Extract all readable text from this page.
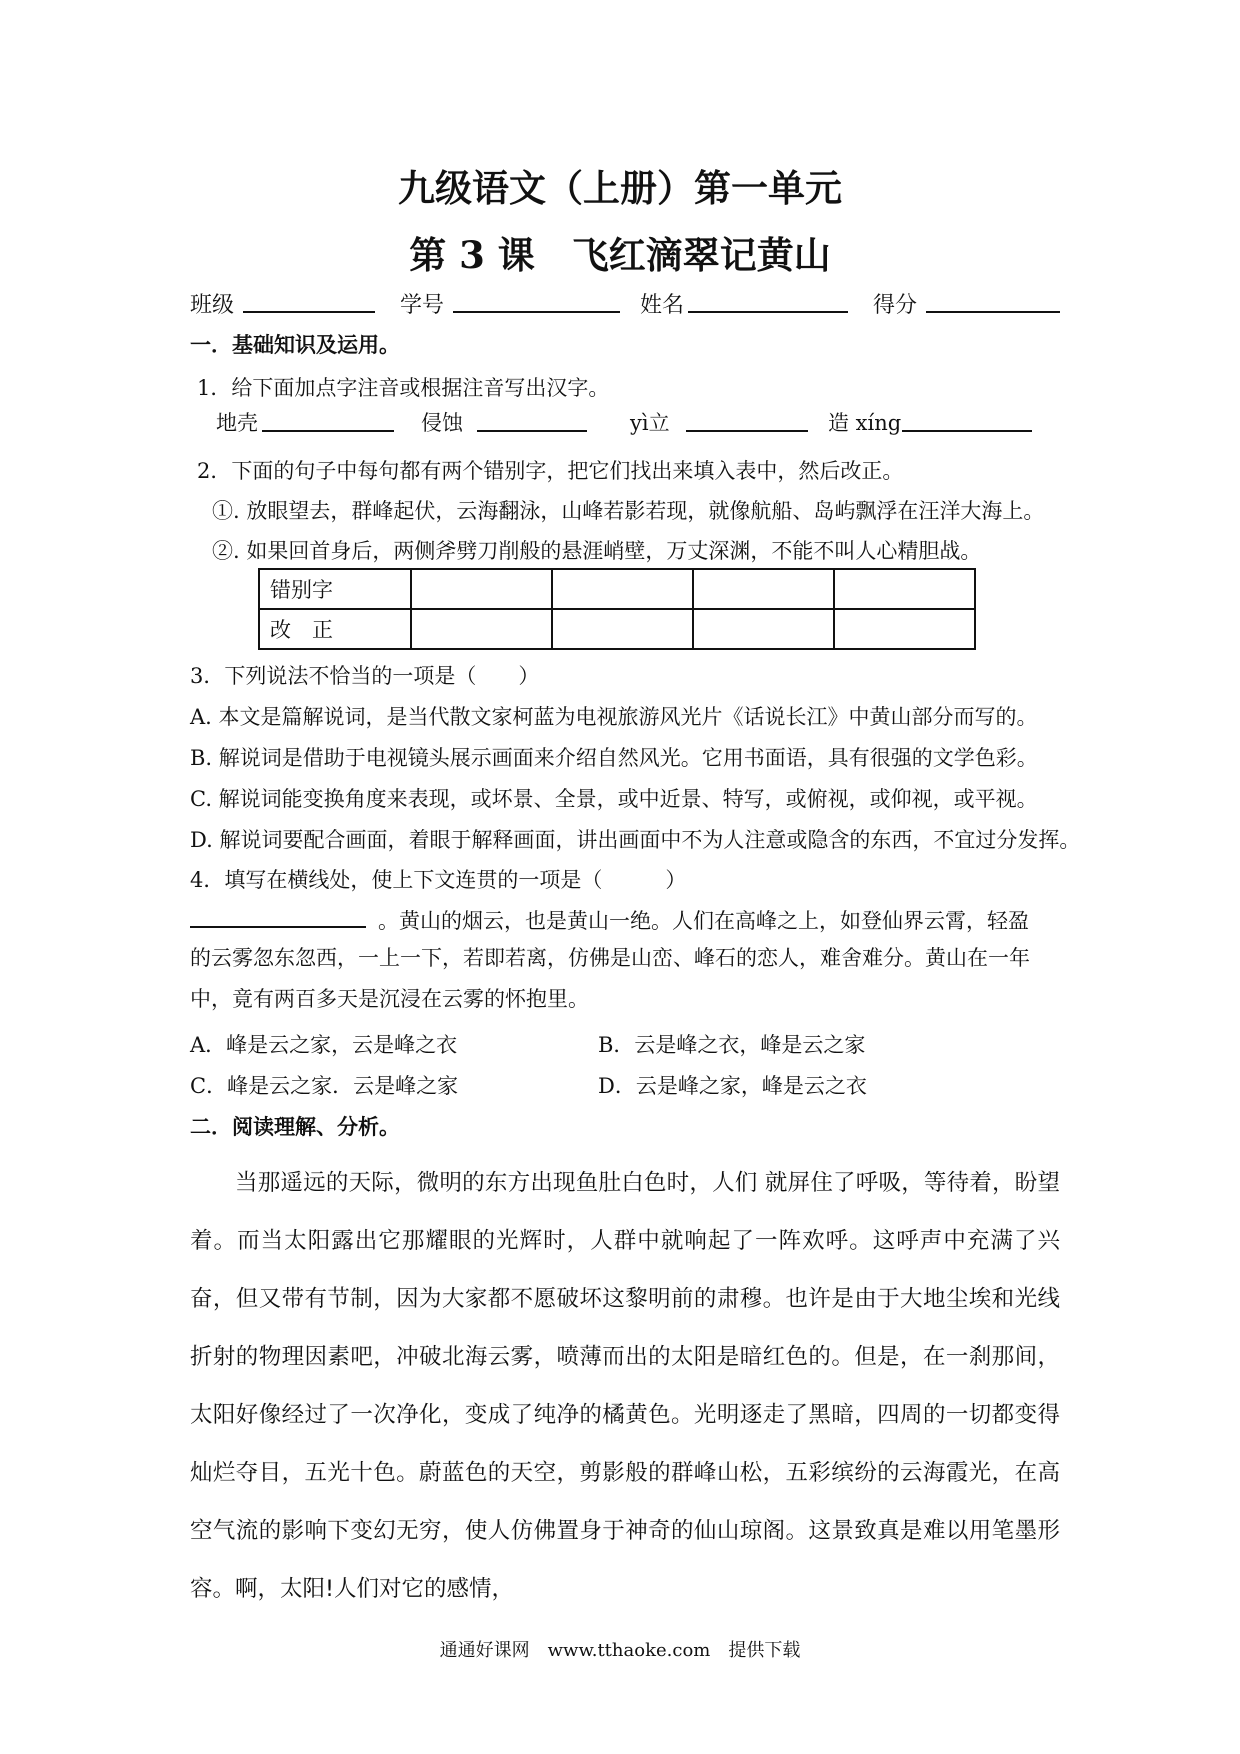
九级语文（上册）第一单元
第 3 课　飞红滴翠记黄山
班级	学号	姓名	得分
一．基础知识及运用。
1．给下面加点字注音或根据注音写出汉字。
地壳	侵蚀	yì立	造 xíng
2．下面的句子中每句都有两个错别字，把它们找出来填入表中，然后改正。
①. 放眼望去，群峰起伏，云海翻泳，山峰若影若现，就像航船、岛屿飘浮在汪洋大海上。
②. 如果回首身后，两侧斧劈刀削般的悬涯峭壁，万丈深渊，不能不叫人心精胆战。
错别字				
改　正				
3．下列说法不恰当的一项是（　　）
A. 本文是篇解说词，是当代散文家柯蓝为电视旅游风光片《话说长江》中黄山部分而写的。
B. 解说词是借助于电视镜头展示画面来介绍自然风光。它用书面语，具有很强的文学色彩。
C. 解说词能变换角度来表现，或坏景、全景，或中近景、特写，或俯视，或仰视，或平视。
D. 解说词要配合画面，着眼于解释画面，讲出画面中不为人注意或隐含的东西，不宜过分发挥。
4．填写在横线处，使上下文连贯的一项是（　　　）
。黄山的烟云，也是黄山一绝。人们在高峰之上，如登仙界云霄，轻盈
的云雾忽东忽西，一上一下，若即若离，仿佛是山峦、峰石的恋人，难舍难分。黄山在一年中，竟有两百多天是沉浸在云雾的怀抱里。
A．峰是云之家，云是峰之衣	B．云是峰之衣，峰是云之家
C．峰是云之家．云是峰之家	D．云是峰之家，峰是云之衣
二．阅读理解、分析。

当那遥远的天际，微明的东方出现鱼肚白色时，人们 就屏住了呼吸，等待着，盼望着。而当太阳露出它那耀眼的光辉时，人群中就响起了一阵欢呼。这呼声中充满了兴奋，但又带有节制，因为大家都不愿破坏这黎明前的肃穆。也许是由于大地尘埃和光线折射的物理因素吧，冲破北海云雾，喷薄而出的太阳是暗红色的。但是，在一刹那间，太阳好像经过了一次净化，变成了纯净的橘黄色。光明逐走了黑暗，四周的一切都变得灿烂夺目，五光十色。蔚蓝色的天空，剪影般的群峰山松，五彩缤纷的云海霞光，在高空气流的影响下变幻无穷，使人仿佛置身于神奇的仙山琼阁。这景致真是难以用笔墨形容。啊，太阳!人们对它的感情，

通通好课网　www.tthaoke.com　提供下载
